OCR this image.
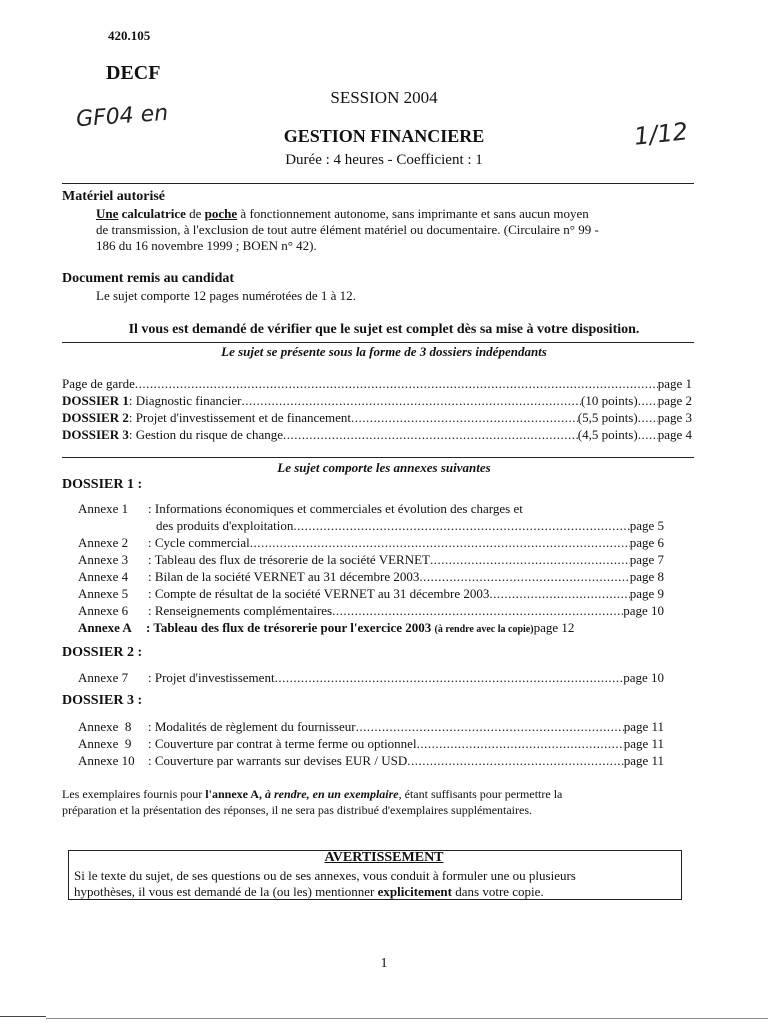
420.105
DECF
GF04 en
1/12
SESSION 2004
GESTION FINANCIERE
Durée : 4 heures - Coefficient : 1
Matériel autorisé
Une calculatrice de poche à fonctionnement autonome, sans imprimante et sans aucun moyen
de transmission, à l'exclusion de tout autre élément matériel ou documentaire. (Circulaire n° 99 -
186 du 16 novembre 1999 ; BOEN n° 42).
Document remis au candidat
Le sujet comporte 12 pages numérotées de 1 à 12.
Il vous est demandé de vérifier que le sujet est complet dès sa mise à votre disposition.
Le sujet se présente sous la forme de 3 dossiers indépendants
Page de garde .....	page 1
DOSSIER 1 : Diagnostic financier .....	(10 points) ..... page 2
DOSSIER 2 : Projet d'investissement et de financement .....	(5,5 points) ..... page 3
DOSSIER 3 : Gestion du risque de change .....	(4,5 points) ..... page 4
Le sujet comporte les annexes suivantes
DOSSIER 1 :
Annexe 1 : Informations économiques et commerciales et évolution des charges et
des produits d'exploitation .....	page 5
Annexe 2	: Cycle commercial .....	page 6
Annexe 3	: Tableau des flux de trésorerie de la société VERNET .....	page 7
Annexe 4	: Bilan de la société VERNET au 31 décembre 2003 .....	page 8
Annexe 5	: Compte de résultat de la société VERNET au 31 décembre 2003 .....	page 9
Annexe 6	: Renseignements complémentaires .....	page 10
Annexe A : Tableau des flux de trésorerie pour l'exercice 2003 (à rendre avec la copie)page 12
DOSSIER 2 :
Annexe 7	: Projet d'investissement .....	page 10
DOSSIER 3 :
Annexe  8	: Modalités de règlement du fournisseur .....	page 11
Annexe  9	: Couverture par contrat à terme ferme ou optionnel .....	page 11
Annexe 10	: Couverture par warrants sur devises EUR / USD .....	page 11
Les exemplaires fournis pour l'annexe A, à rendre, en un exemplaire, étant suffisants pour permettre la
préparation et la présentation des réponses, il ne sera pas distribué d'exemplaires supplémentaires.
AVERTISSEMENT
Si le texte du sujet, de ses questions ou de ses annexes, vous conduit à formuler une ou plusieurs
hypothèses, il vous est demandé de la (ou les) mentionner explicitement dans votre copie.
1
